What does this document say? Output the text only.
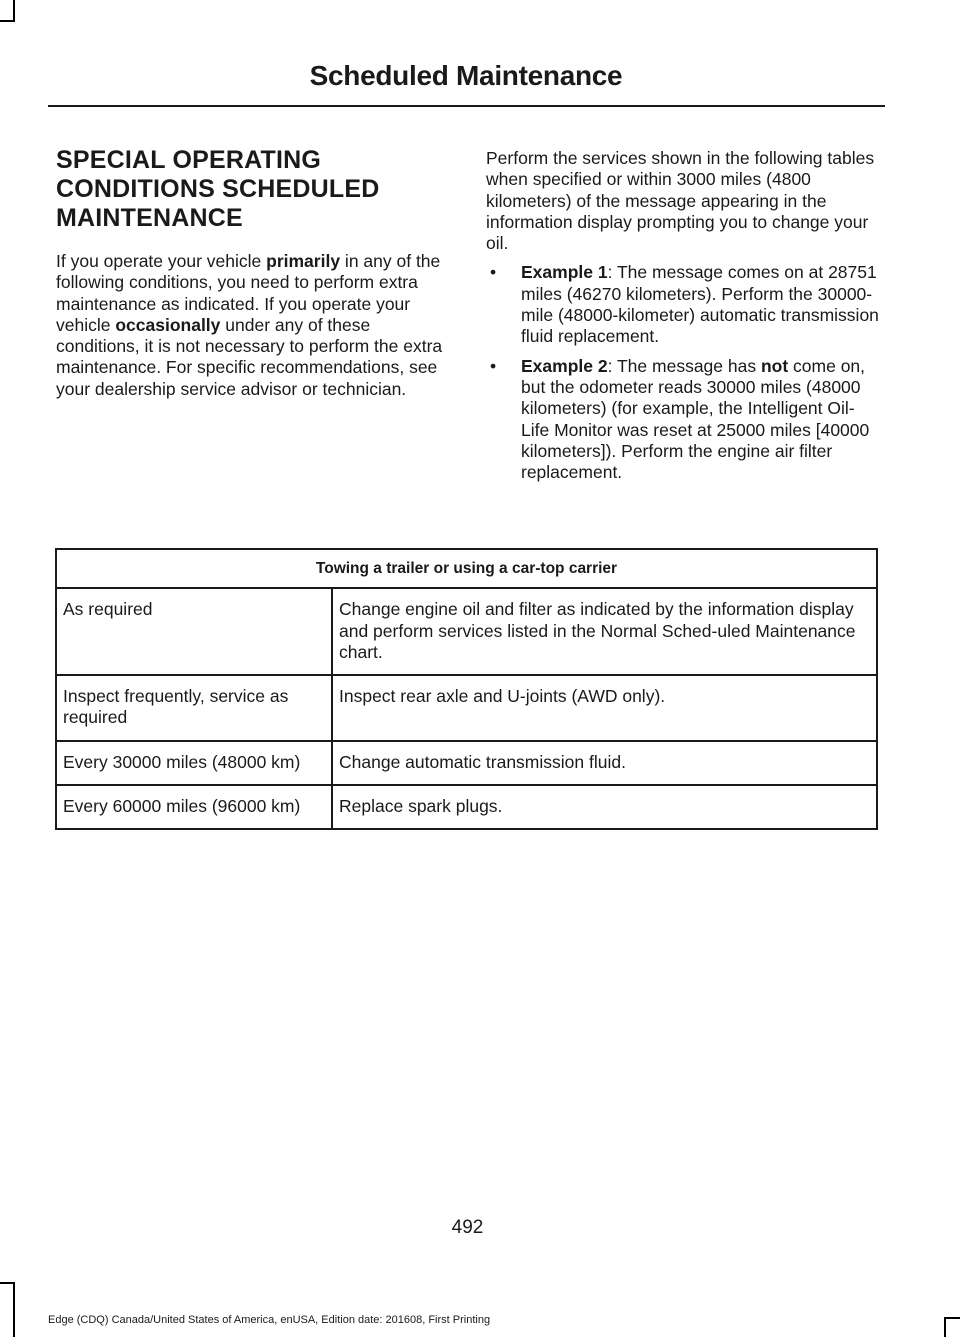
Scheduled Maintenance
SPECIAL OPERATING
CONDITIONS SCHEDULED
MAINTENANCE

If you operate your vehicle primarily in any of the following conditions, you need to perform extra maintenance as indicated. If you operate your vehicle occasionally under any of these conditions, it is not necessary to perform the extra maintenance. For specific recommendations, see your dealership service advisor or technician.

Perform the services shown in the following tables when specified or within 3000 miles (4800 kilometers) of the message appearing in the information display prompting you to change your oil.

• Example 1: The message comes on at 28751 miles (46270 kilometers). Perform the 30000-mile (48000-kilometer) automatic transmission fluid replacement.
• Example 2: The message has not come on, but the odometer reads 30000 miles (48000 kilometers) (for example, the Intelligent Oil-Life Monitor was reset at 25000 miles [40000 kilometers]). Perform the engine air filter replacement.
Towing a trailer or using a car-top carrier	
As required	Change engine oil and filter as indicated by the information display and perform services listed in the Normal Sched-uled Maintenance chart.
Inspect frequently, service as required	Inspect rear axle and U-joints (AWD only).
Every 30000 miles (48000 km)	Change automatic transmission fluid.
Every 60000 miles (96000 km)	Replace spark plugs.
492
Edge (CDQ) Canada/United States of America, enUSA, Edition date: 201608, First Printing
